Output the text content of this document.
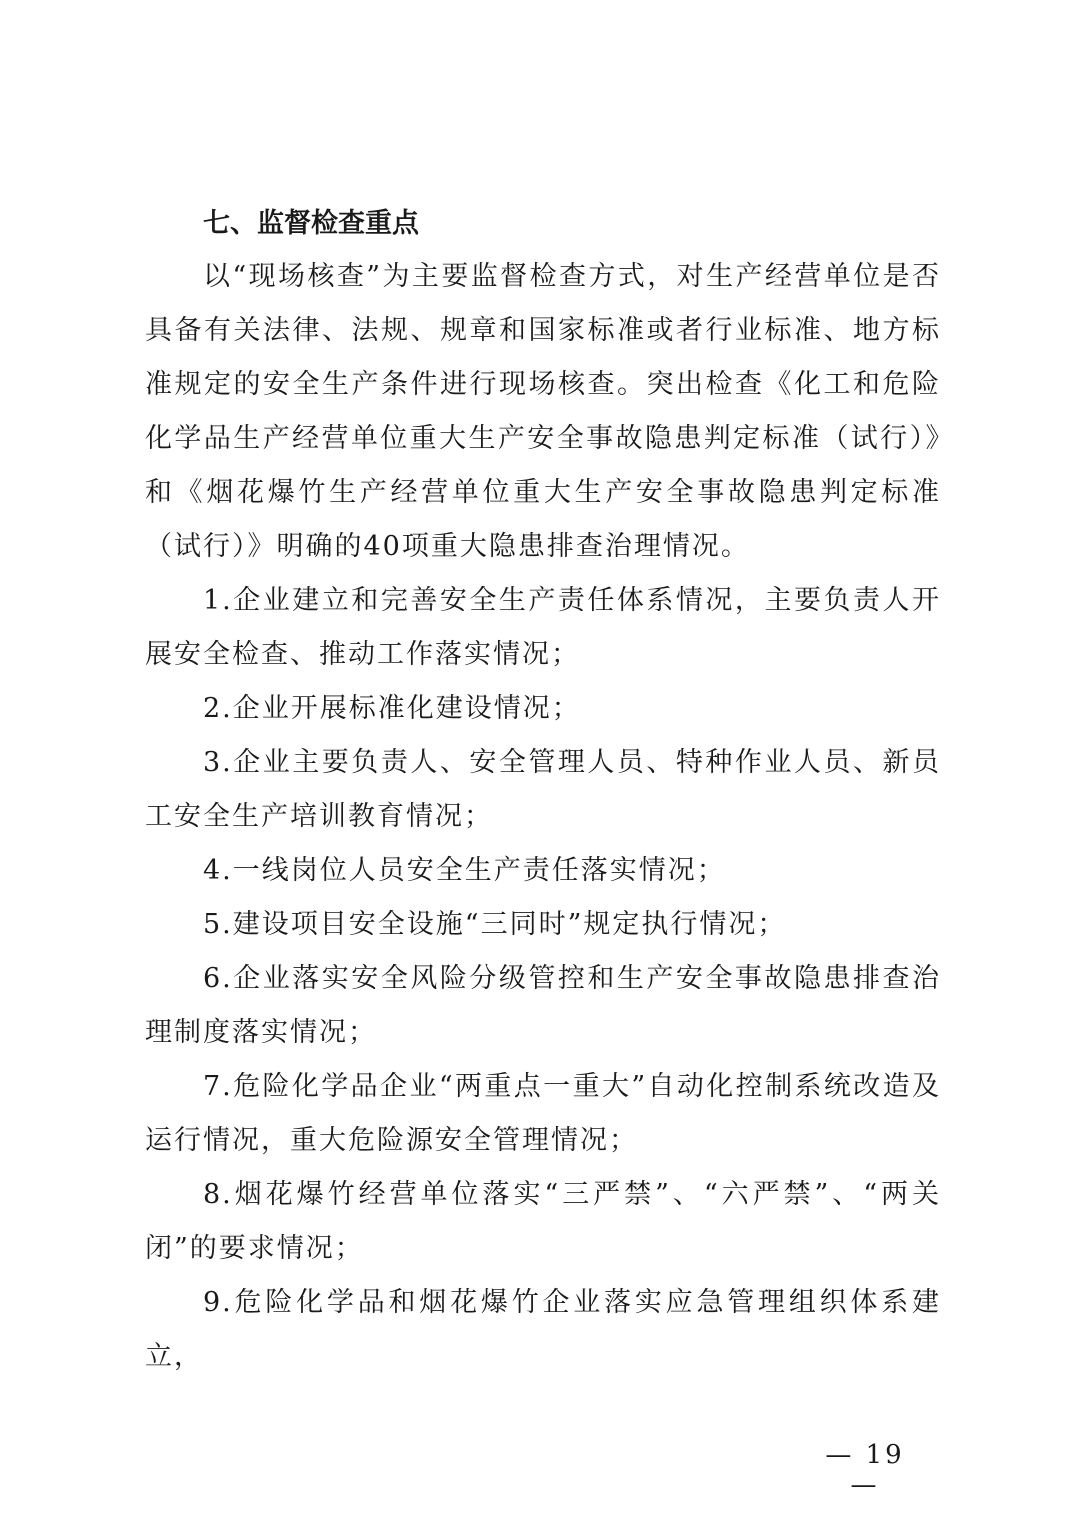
七、监督检查重点

以“现场核查”为主要监督检查方式，对生产经营单位是否具备有关法律、法规、规章和国家标准或者行业标准、地方标准规定的安全生产条件进行现场核查。突出检查《化工和危险化学品生产经营单位重大生产安全事故隐患判定标准（试行）》和《烟花爆竹生产经营单位重大生产安全事故隐患判定标准（试行）》明确的40项重大隐患排查治理情况。

1.企业建立和完善安全生产责任体系情况，主要负责人开展安全检查、推动工作落实情况；

2.企业开展标准化建设情况；

3.企业主要负责人、安全管理人员、特种作业人员、新员工安全生产培训教育情况；

4.一线岗位人员安全生产责任落实情况；

5.建设项目安全设施“三同时”规定执行情况；

6.企业落实安全风险分级管控和生产安全事故隐患排查治理制度落实情况；

7.危险化学品企业“两重点一重大”自动化控制系统改造及运行情况，重大危险源安全管理情况；

8.烟花爆竹经营单位落实“三严禁”、“六严禁”、“两关闭”的要求情况；

9.危险化学品和烟花爆竹企业落实应急管理组织体系建立，

— 19 —
